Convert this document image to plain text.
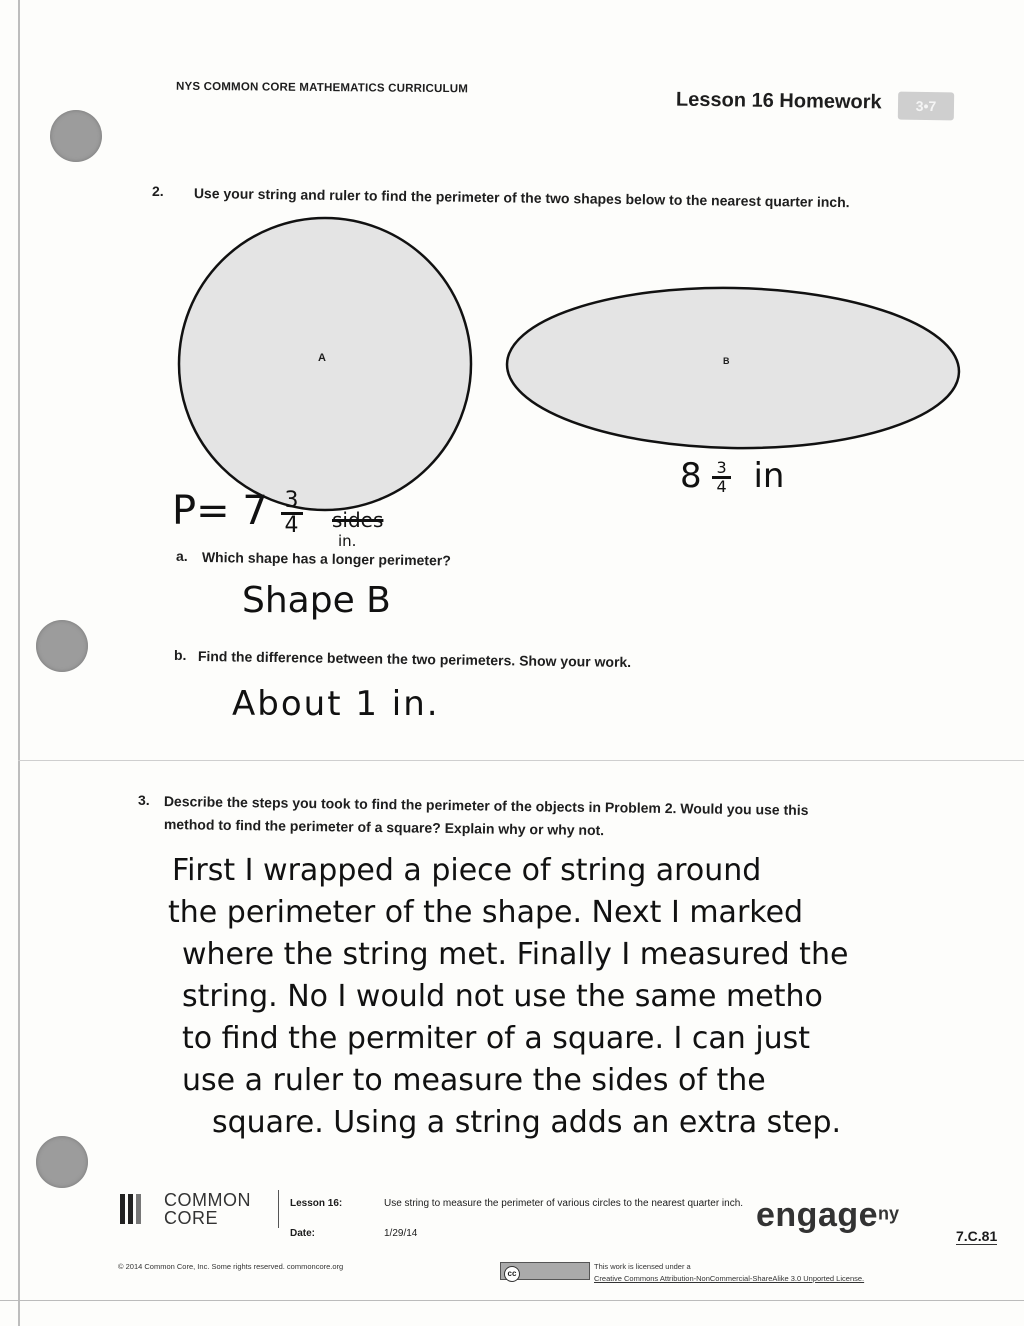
NYS COMMON CORE MATHEMATICS CURRICULUM
Lesson 16 Homework	3•7
2. Use your string and ruler to find the perimeter of the two shapes below to the nearest quarter inch.
A	B
$P= 7 \frac{3}{4}$ sides
in.
$8 \frac{3}{4}$ in
a. Which shape has a longer perimeter?
Shape B
b. Find the difference between the two perimeters. Show your work.
About 1 in.
3. Describe the steps you took to find the perimeter of the objects in Problem 2. Would you use this
method to find the perimeter of a square? Explain why or why not.
First I wrapped a piece of string around
the perimeter of the shape. Next I marked
where the string met. Finally I measured the
string. No I would not use the same metho
to find the permiter of a square. I can just
use a ruler to measure the sides of the
square. Using a string adds an extra step.
COMMON
CORE
Lesson 16:	Use string to measure the perimeter of various circles to the nearest quarter inch.
Date:	1/29/14	engage$^{ny}$
7.C.81
© 2014 Common Core, Inc. Some rights reserved. commoncore.org
cc
This work is licensed under a
Creative Commons Attribution-NonCommercial-ShareAlike 3.0 Unported License.
